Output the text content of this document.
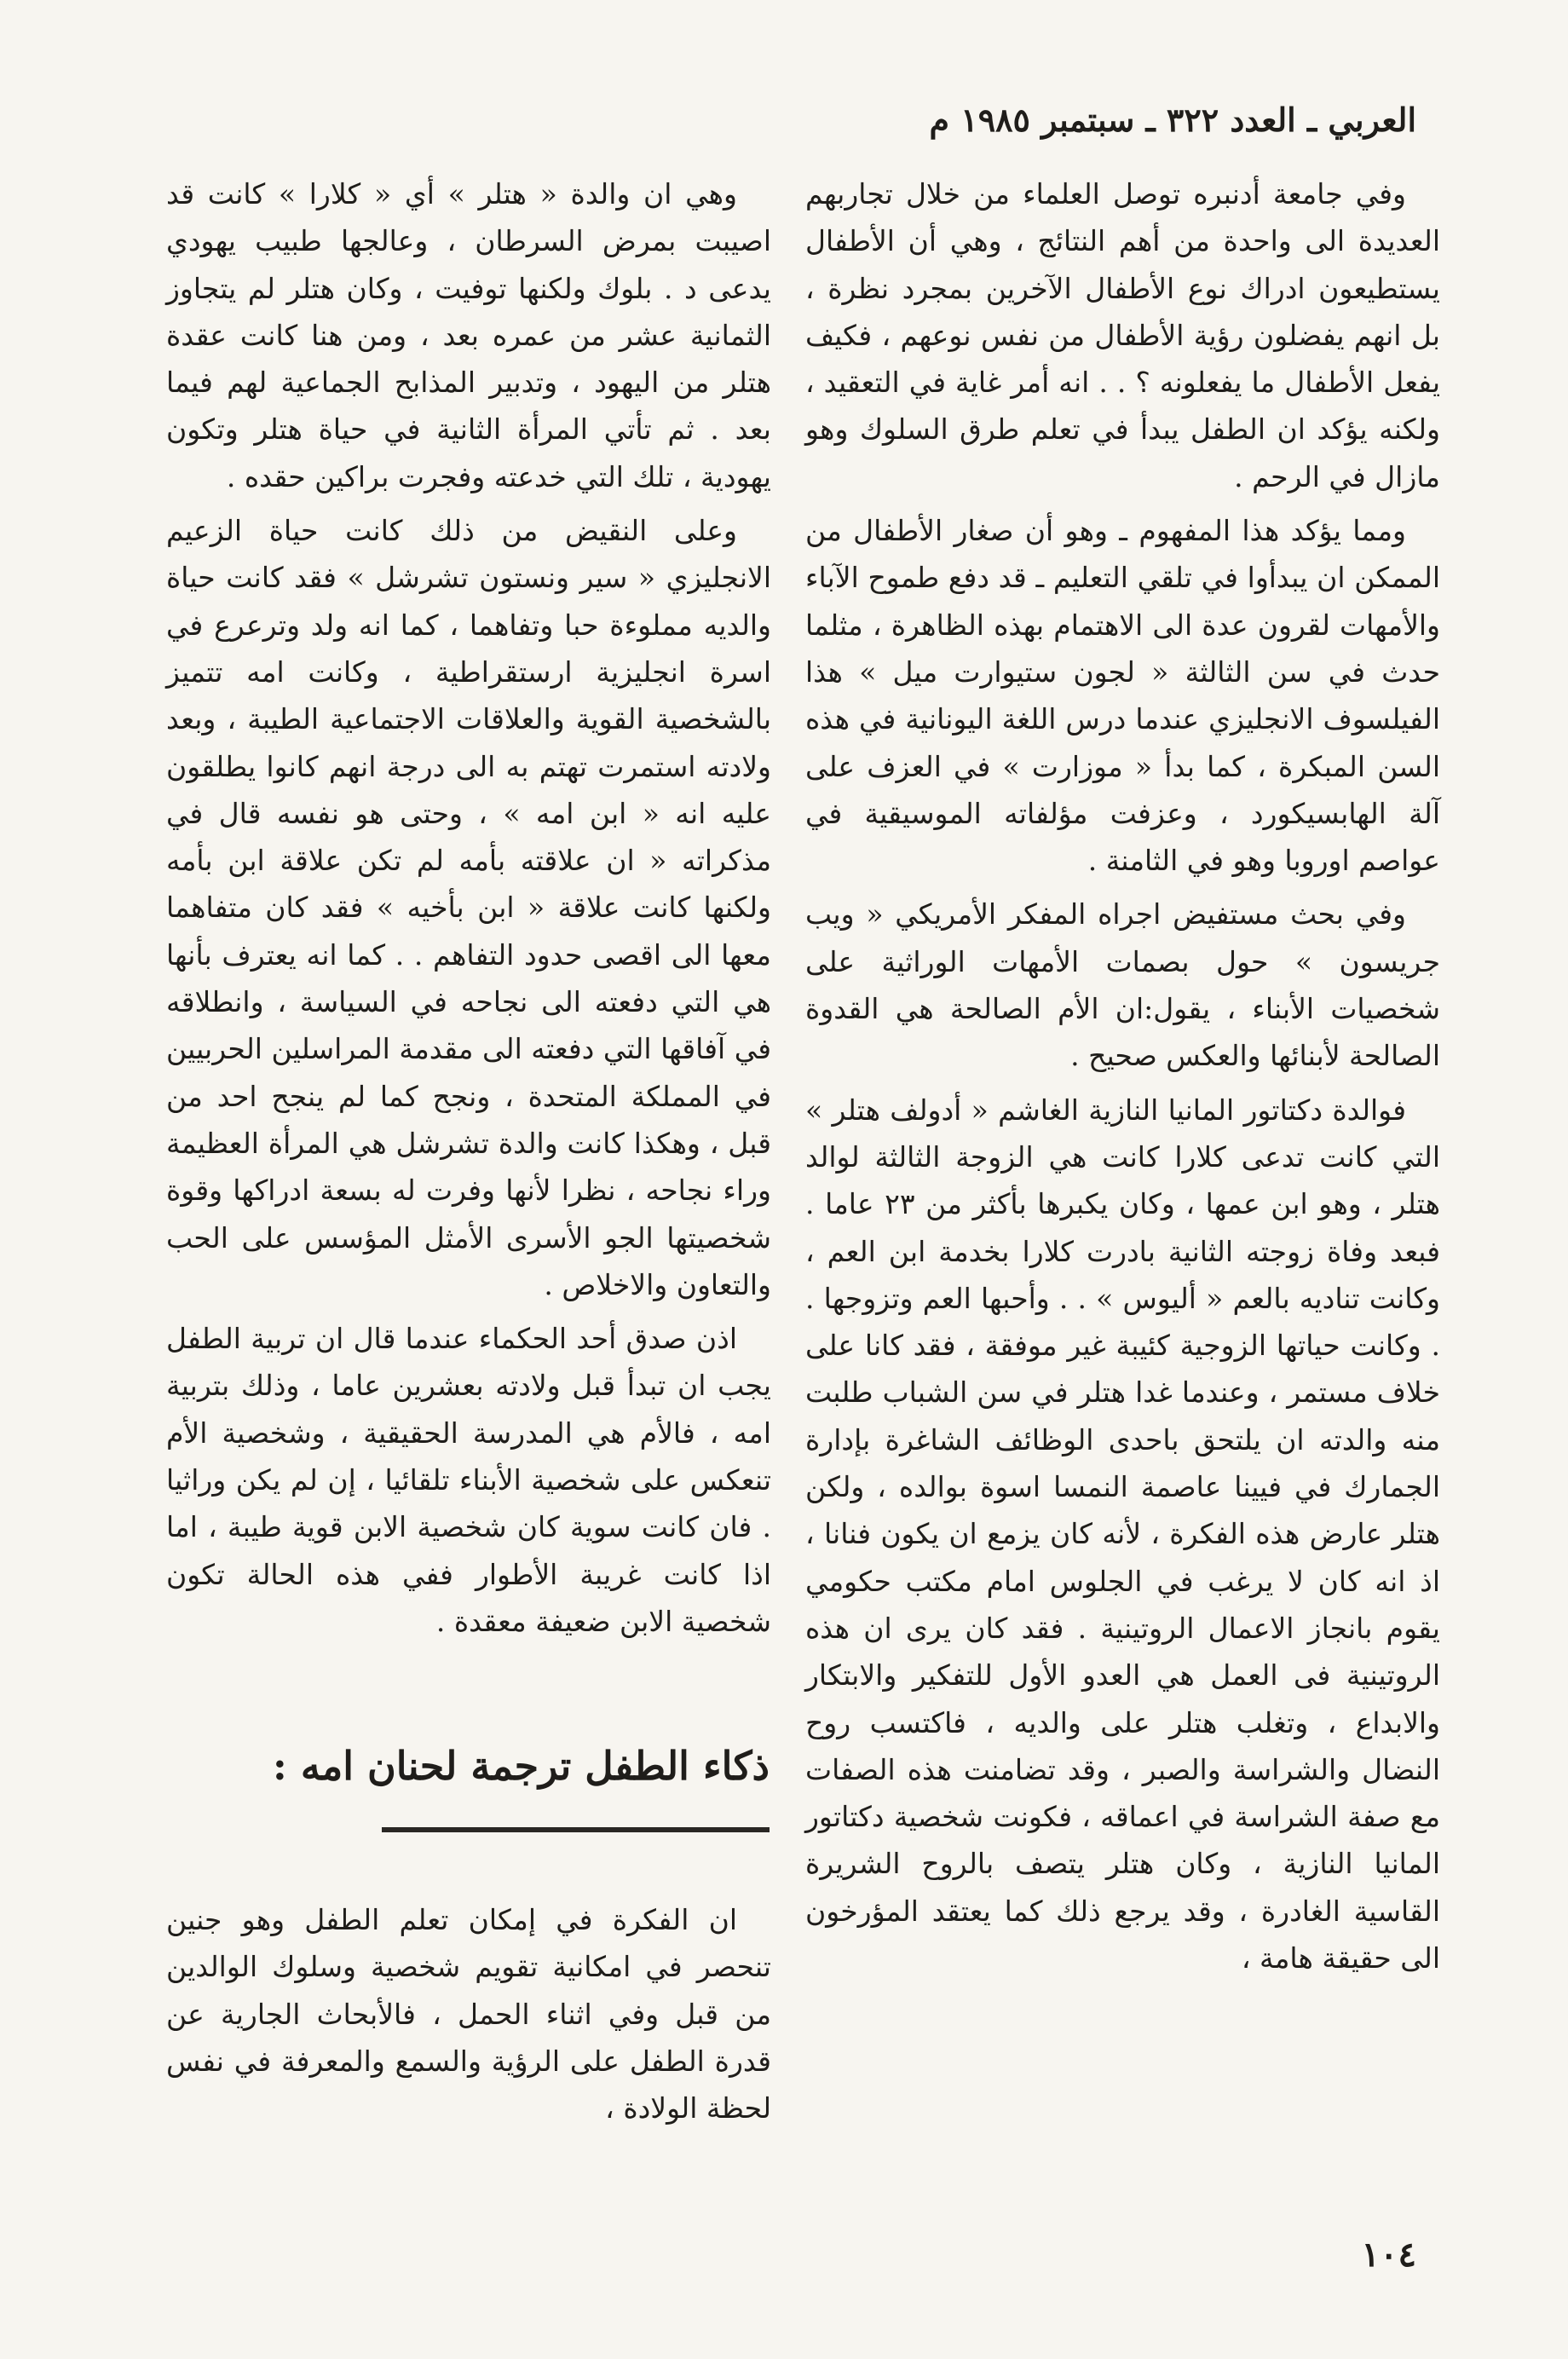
العربي ـ العدد ٣٢٢ ـ سبتمبر ١٩٨٥ م

وفي جامعة أدنبره توصل العلماء من خلال تجاربهم العديدة الى واحدة من أهم النتائج ، وهي أن الأطفال يستطيعون ادراك نوع الأطفال الآخرين بمجرد نظرة ، بل انهم يفضلون رؤية الأطفال من نفس نوعهم ، فكيف يفعل الأطفال ما يفعلونه ؟ . . انه أمر غاية في التعقيد ، ولكنه يؤكد ان الطفل يبدأ في تعلم طرق السلوك وهو مازال في الرحم .

ومما يؤكد هذا المفهوم ـ وهو أن صغار الأطفال من الممكن ان يبدأوا في تلقي التعليم ـ قد دفع طموح الآباء والأمهات لقرون عدة الى الاهتمام بهذه الظاهرة ، مثلما حدث في سن الثالثة « لجون ستيوارت ميل » هذا الفيلسوف الانجليزي عندما درس اللغة اليونانية في هذه السن المبكرة ، كما بدأ « موزارت » في العزف على آلة الهابسيكورد ، وعزفت مؤلفاته الموسيقية في عواصم اوروبا وهو في الثامنة .

وفي بحث مستفيض اجراه المفكر الأمريكي « ويب جريسون » حول بصمات الأمهات الوراثية على شخصيات الأبناء ، يقول:ان الأم الصالحة هي القدوة الصالحة لأبنائها والعكس صحيح .

فوالدة دكتاتور المانيا النازية الغاشم « أدولف هتلر » التي كانت تدعى كلارا كانت هي الزوجة الثالثة لوالد هتلر ، وهو ابن عمها ، وكان يكبرها بأكثر من ٢٣ عاما . فبعد وفاة زوجته الثانية بادرت كلارا بخدمة ابن العم ، وكانت تناديه بالعم « أليوس » . . وأحبها العم وتزوجها . . وكانت حياتها الزوجية كئيبة غير موفقة ، فقد كانا على خلاف مستمر ، وعندما غدا هتلر في سن الشباب طلبت منه والدته ان يلتحق باحدى الوظائف الشاغرة بإدارة الجمارك في فيينا عاصمة النمسا اسوة بوالده ، ولكن هتلر عارض هذه الفكرة ، لأنه كان يزمع ان يكون فنانا ، اذ انه كان لا يرغب في الجلوس امام مكتب حكومي يقوم بانجاز الاعمال الروتينية . فقد كان يرى ان هذه الروتينية فى العمل هي العدو الأول للتفكير والابتكار والابداع ، وتغلب هتلر على والديه ، فاكتسب روح النضال والشراسة والصبر ، وقد تضامنت هذه الصفات مع صفة الشراسة في اعماقه ، فكونت شخصية دكتاتور المانيا النازية ، وكان هتلر يتصف بالروح الشريرة القاسية الغادرة ، وقد يرجع ذلك كما يعتقد المؤرخون الى حقيقة هامة ،

وهي ان والدة « هتلر » أي « كلارا » كانت قد اصيبت بمرض السرطان ، وعالجها طبيب يهودي يدعى د . بلوك ولكنها توفيت ، وكان هتلر لم يتجاوز الثمانية عشر من عمره بعد ، ومن هنا كانت عقدة هتلر من اليهود ، وتدبير المذابح الجماعية لهم فيما بعد . ثم تأتي المرأة الثانية في حياة هتلر وتكون يهودية ، تلك التي خدعته وفجرت براكين حقده .

وعلى النقيض من ذلك كانت حياة الزعيم الانجليزي « سير ونستون تشرشل » فقد كانت حياة والديه مملوءة حبا وتفاهما ، كما انه ولد وترعرع في اسرة انجليزية ارستقراطية ، وكانت امه تتميز بالشخصية القوية والعلاقات الاجتماعية الطيبة ، وبعد ولادته استمرت تهتم به الى درجة انهم كانوا يطلقون عليه انه « ابن امه » ، وحتى هو نفسه قال في مذكراته « ان علاقته بأمه لم تكن علاقة ابن بأمه ولكنها كانت علاقة « ابن بأخيه » فقد كان متفاهما معها الى اقصى حدود التفاهم . . كما انه يعترف بأنها هي التي دفعته الى نجاحه في السياسة ، وانطلاقه في آفاقها التي دفعته الى مقدمة المراسلين الحربيين في المملكة المتحدة ، ونجح كما لم ينجح احد من قبل ، وهكذا كانت والدة تشرشل هي المرأة العظيمة وراء نجاحه ، نظرا لأنها وفرت له بسعة ادراكها وقوة شخصيتها الجو الأسرى الأمثل المؤسس على الحب والتعاون والاخلاص .

اذن صدق أحد الحكماء عندما قال ان تربية الطفل يجب ان تبدأ قبل ولادته بعشرين عاما ، وذلك بتربية امه ، فالأم هي المدرسة الحقيقية ، وشخصية الأم تنعكس على شخصية الأبناء تلقائيا ، إن لم يكن وراثيا . فان كانت سوية كان شخصية الابن قوية طيبة ، اما اذا كانت غريبة الأطوار ففي هذه الحالة تكون شخصية الابن ضعيفة معقدة .

ذكاء الطفل ترجمة لحنان امه :

ان الفكرة في إمكان تعلم الطفل وهو جنين تنحصر في امكانية تقويم شخصية وسلوك الوالدين من قبل وفي اثناء الحمل ، فالأبحاث الجارية عن قدرة الطفل على الرؤية والسمع والمعرفة في نفس لحظة الولادة ،

١٠٤
